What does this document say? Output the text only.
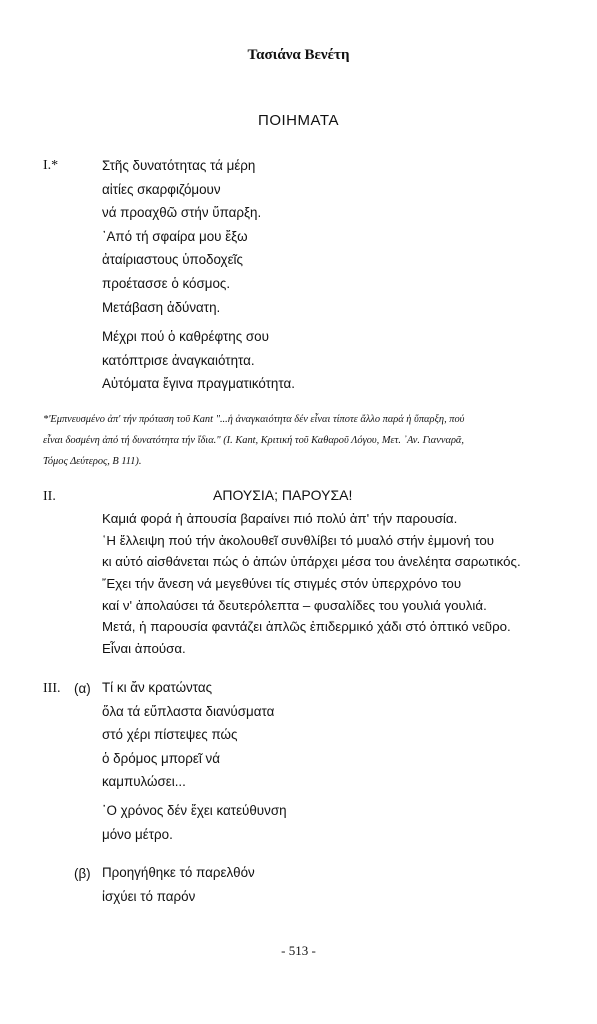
Τασιάνα Βενέτη
ΠΟΙΗΜΑΤΑ
I.*	Στῆς δυνατότητας τά μέρη
αἰτίες σκαρφιζόμουν
νά προαχθῶ στήν ὕπαρξη.
᾿Από τή σφαίρα μου ἔξω
ἀταίριαστους ὑποδοχεῖς
προέτασσε ὁ κόσμος.
Μετάβαση ἀδύνατη.
Μέχρι πού ὁ καθρέφτης σου
κατόπτρισε ἀναγκαιότητα.
Αὐτόματα ἔγινα πραγματικότητα.
*'Εμπνευσμένο ἀπ' τήν πρόταση τοῦ Kant "...ἡ ἀναγκαιότητα δέν εἶναι τίποτε ἄλλο παρά ἡ ὕπαρξη, πού
εἶναι δοσμένη ἀπό τή δυνατότητα τήν ἴδια." (I. Kant, Κριτική τοῦ Καθαροῦ Λόγου, Μετ. ᾿Αν. Γιανναρᾶ,
Τόμος Δεύτερος, Β 111).
II.	ΑΠΟΥΣΙΑ; ΠΑΡΟΥΣΑ!
Καμιά φορά ἡ ἀπουσία βαραίνει πιό πολύ ἀπ' τήν παρουσία.
῾Η ἔλλειψη πού τήν ἀκολουθεῖ συνθλίβει τό μυαλό στήν ἐμμονή του
κι αὐτό αἰσθάνεται πώς ὁ ἀπών ὑπάρχει μέσα του ἀνελέητα σαρωτικός.
῎Εχει τήν ἄνεση νά μεγεθύνει τίς στιγμές στόν ὑπερχρόνο του
καί ν' ἀπολαύσει τά δευτερόλεπτα – φυσαλίδες του γουλιά γουλιά.
Μετά, ἡ παρουσία φαντάζει ἁπλῶς ἐπιδερμικό χάδι στό ὀπτικό νεῦρο.
Εἶναι ἀπούσα.
III. (α) Τί κι ἄν κρατώντας
ὅλα τά εὔπλαστα διανύσματα
στό χέρι πίστεψες πώς
ὁ δρόμος μπορεῖ νά
καμπυλώσει...
῾Ο χρόνος δέν ἔχει κατεύθυνση
μόνο μέτρο.
(β) Προηγήθηκε τό παρελθόν
ἰσχύει τό παρόν
- 513 -
